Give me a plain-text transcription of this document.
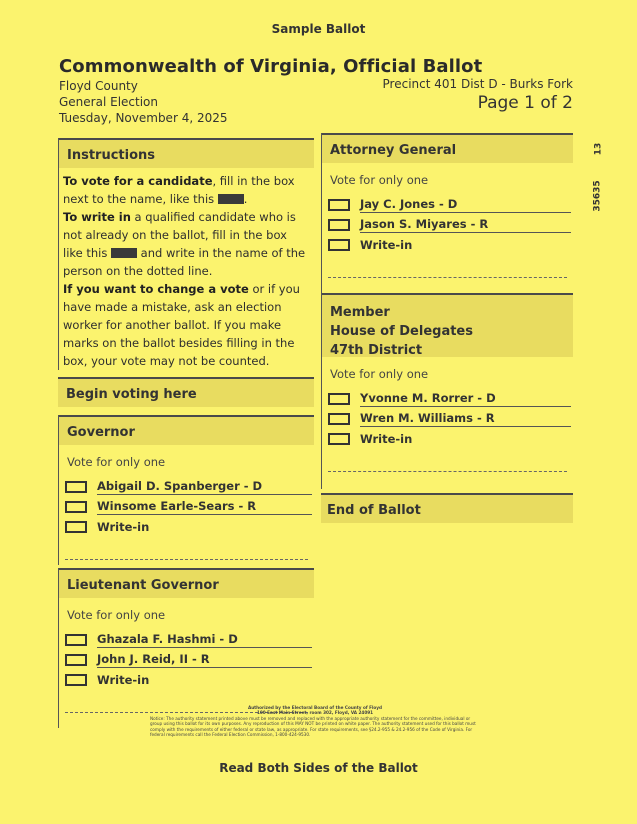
Sample Ballot
Commonwealth of Virginia, Official Ballot
Floyd County
General Election
Tuesday, November 4, 2025
Precinct 401 Dist D - Burks Fork
Page 1 of 2
13
35635
Instructions
To vote for a candidate, fill in the box next to the name, like this	.
To write in a qualified candidate who is not already on the ballot, fill in the box like this	and write in the name of the person on the dotted line.
If you want to change a vote or if you have made a mistake, ask an election worker for another ballot. If you make marks on the ballot besides filling in the box, your vote may not be counted.
Begin voting here
Governor
Vote for only one
Abigail D. Spanberger - D
Winsome Earle-Sears - R
Write-in
Lieutenant Governor
Vote for only one
Ghazala F. Hashmi - D
John J. Reid, II - R
Write-in
Attorney General
Vote for only one
Jay C. Jones - D
Jason S. Miyares - R
Write-in
Member
House of Delegates
47th District
Vote for only one
Yvonne M. Rorrer - D
Wren M. Williams - R
Write-in
End of Ballot
Authorized by the Electoral Board of the County of Floyd
100 East Main Street, room 302, Floyd, VA 24091
Notice: The authority statement printed above must be removed and replaced with the appropriate authority statement for the committee, individual or group using this ballot for its own purposes. Any reproduction of this MAY NOT be printed on white paper. The authority statement used for this ballot must comply with the requirements of either federal or state law, as appropriate. For state requirements, see §24.2-955 & 24.2-956 of the Code of Virginia. For federal requirements call the Federal Election Commission, 1-800-424-9530.
Read Both Sides of the Ballot
